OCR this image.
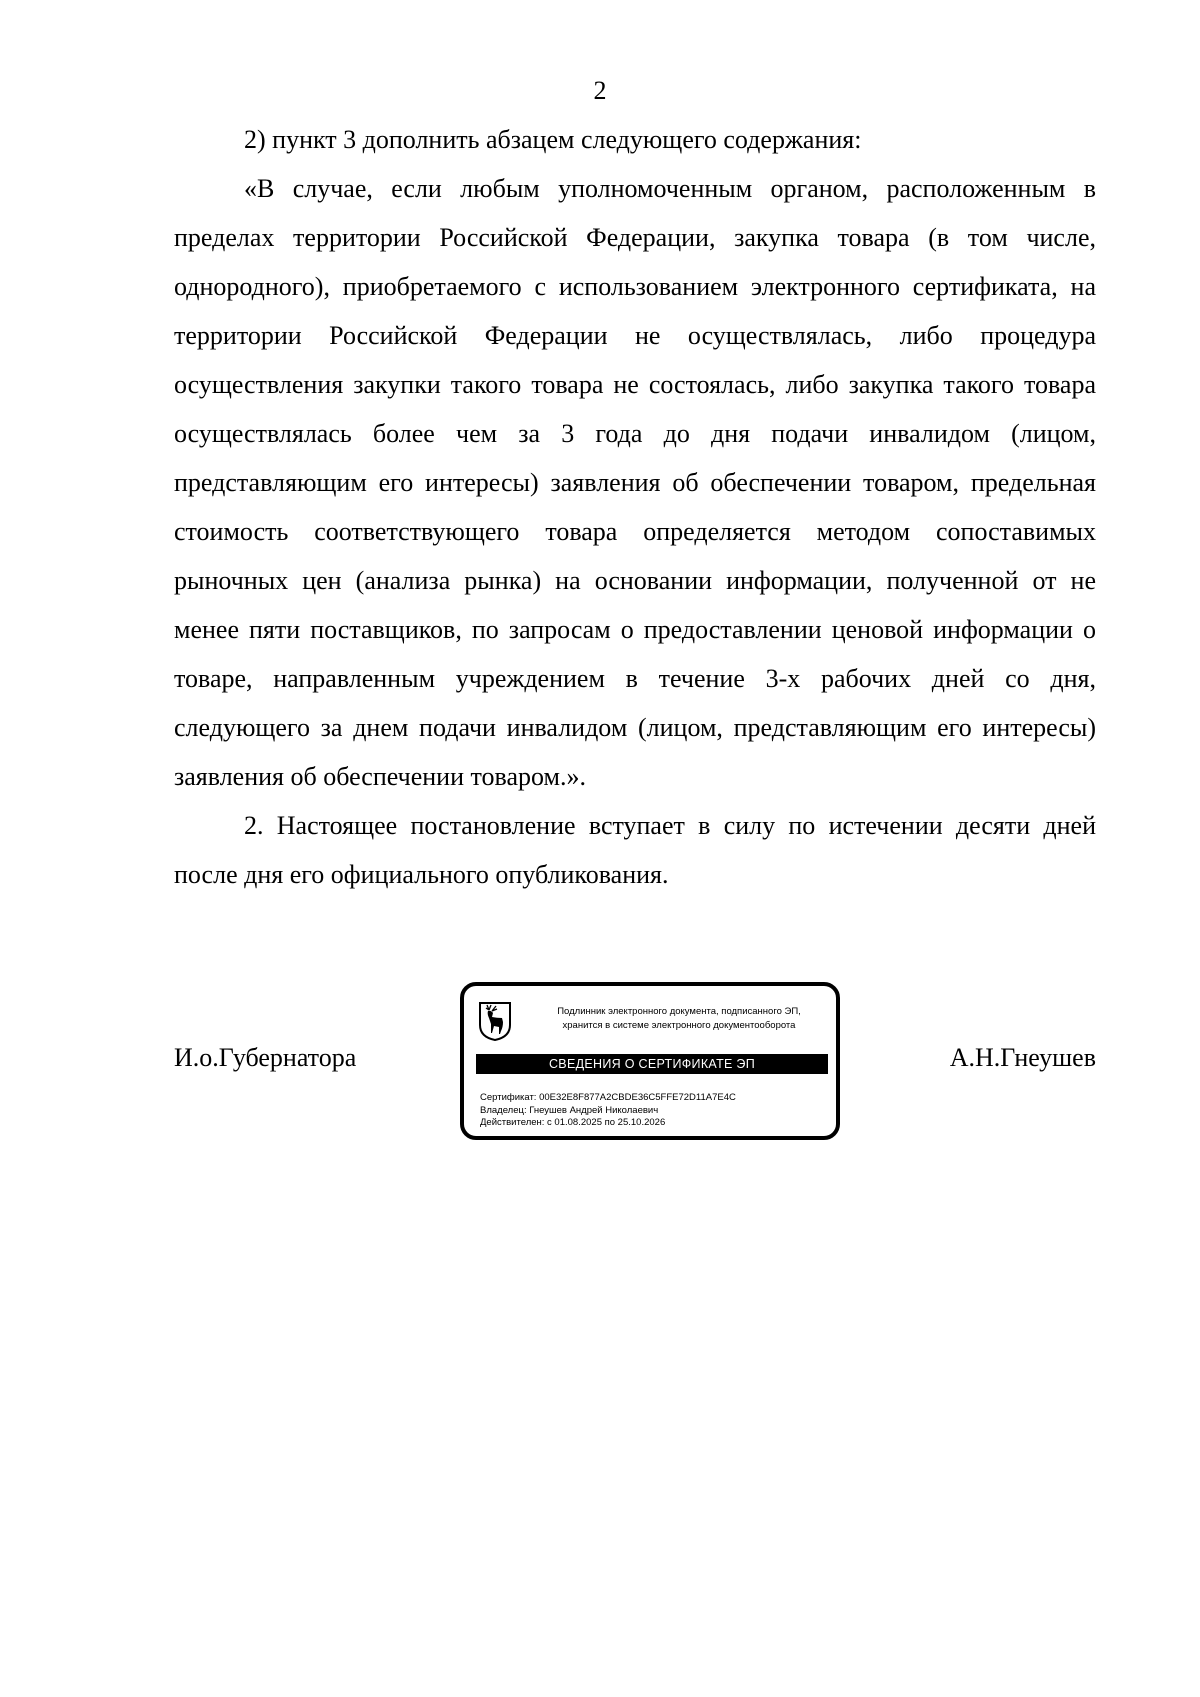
2

2) пункт 3 дополнить абзацем следующего содержания:

«В случае, если любым уполномоченным органом, расположенным в пределах территории Российской Федерации, закупка товара (в том числе, однородного), приобретаемого с использованием электронного сертификата, на территории Российской Федерации не осуществлялась, либо процедура осуществления закупки такого товара не состоялась, либо закупка такого товара осуществлялась более чем за 3 года до дня подачи инвалидом (лицом, представляющим его интересы) заявления об обеспечении товаром, предельная стоимость соответствующего товара определяется методом сопоставимых рыночных цен (анализа рынка) на основании информации, полученной от не менее пяти поставщиков, по запросам о предоставлении ценовой информации о товаре, направленным учреждением в течение 3-х рабочих дней со дня, следующего за днем подачи инвалидом (лицом, представляющим его интересы) заявления об обеспечении товаром.».

2. Настоящее постановление вступает в силу по истечении десяти дней после дня его официального опубликования.

И.о.Губернатора
Подлинник электронного документа, подписанного ЭП,
хранится в системе электронного документооборота
СВЕДЕНИЯ О СЕРТИФИКАТЕ ЭП
Сертификат: 00E32E8F877A2CBDE36C5FFE72D11A7E4C
Владелец: Гнеушев Андрей Николаевич
Действителен: с 01.08.2025 по 25.10.2026
А.Н.Гнеушев
